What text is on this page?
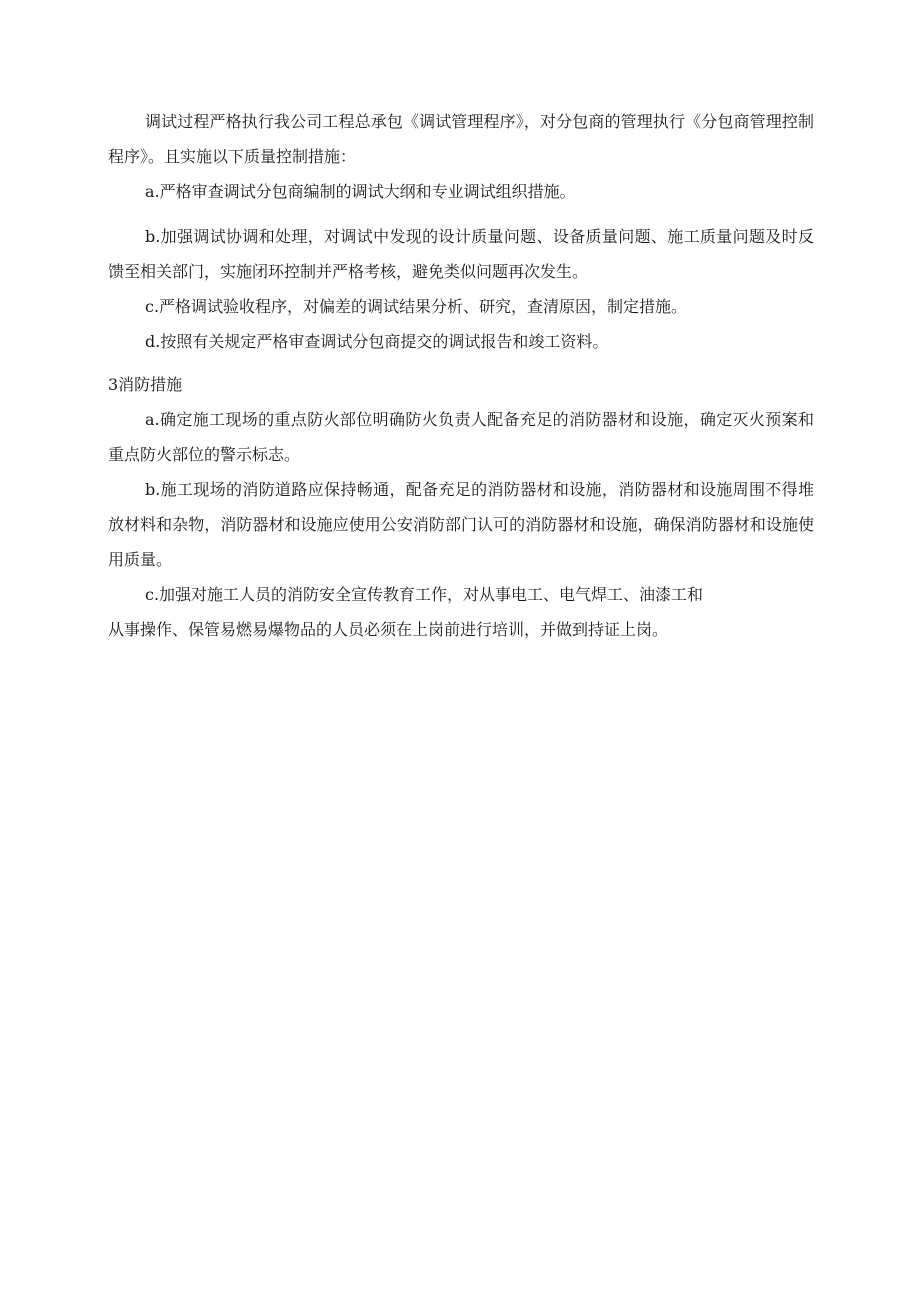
调试过程严格执行我公司工程总承包《调试管理程序》，对分包商的管理执行《分包商管理控制程序》。且实施以下质量控制措施：

a.严格审查调试分包商编制的调试大纲和专业调试组织措施。

b.加强调试协调和处理，对调试中发现的设计质量问题、设备质量问题、施工质量问题及时反馈至相关部门，实施闭环控制并严格考核，避免类似问题再次发生。

c.严格调试验收程序，对偏差的调试结果分析、研究，查清原因，制定措施。

d.按照有关规定严格审查调试分包商提交的调试报告和竣工资料。

3消防措施

a.确定施工现场的重点防火部位明确防火负责人配备充足的消防器材和设施，确定灭火预案和重点防火部位的警示标志。

b.施工现场的消防道路应保持畅通，配备充足的消防器材和设施，消防器材和设施周围不得堆放材料和杂物，消防器材和设施应使用公安消防部门认可的消防器材和设施，确保消防器材和设施使用质量。

c.加强对施工人员的消防安全宣传教育工作，对从事电工、电气焊工、油漆工和

从事操作、保管易燃易爆物品的人员必须在上岗前进行培训，并做到持证上岗。
